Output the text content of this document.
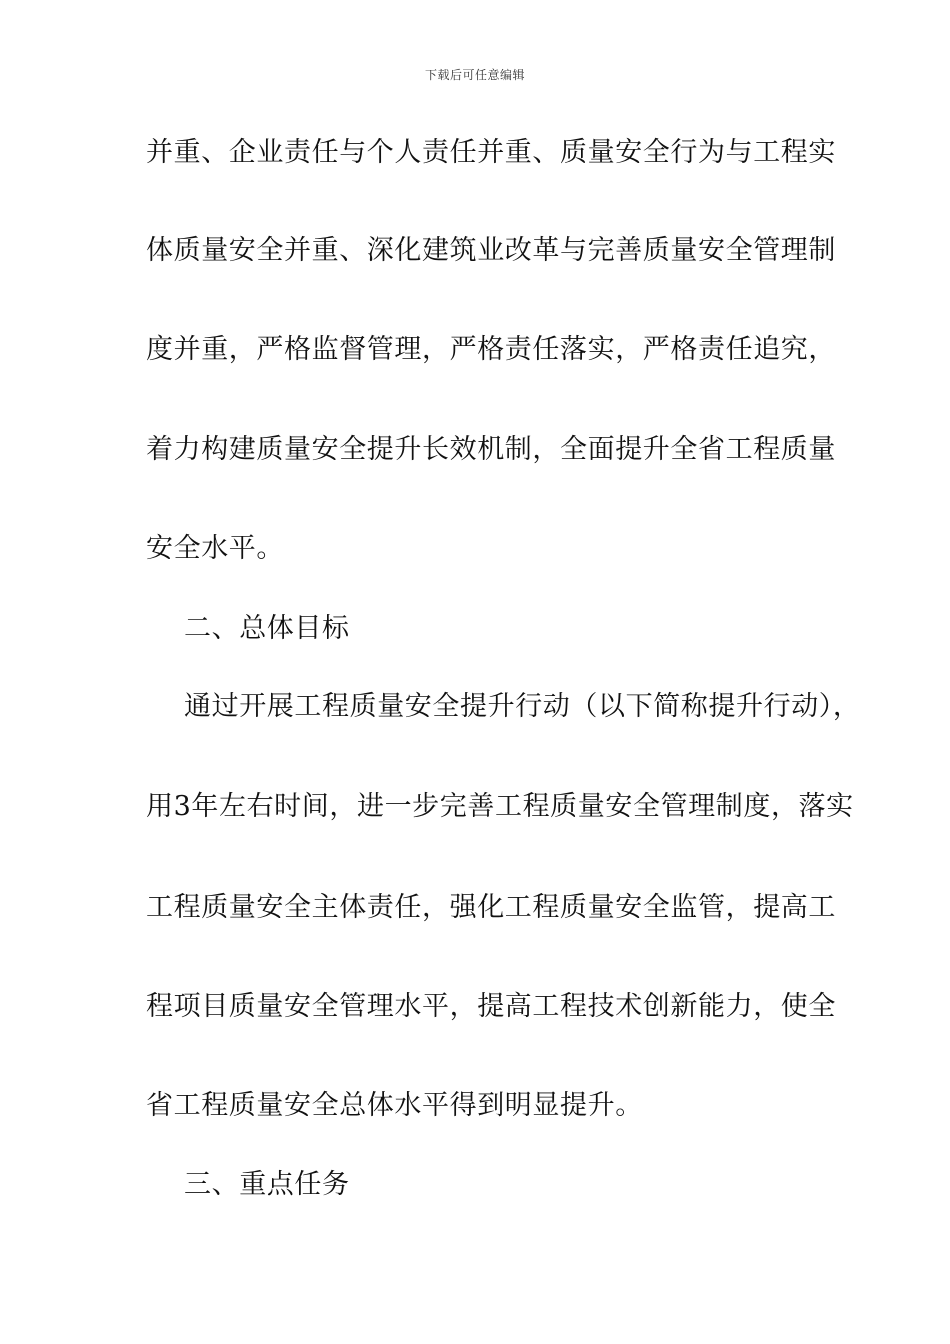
下载后可任意编辑
并重、企业责任与个人责任并重、质量安全行为与工程实
体质量安全并重、深化建筑业改革与完善质量安全管理制
度并重，严格监督管理，严格责任落实，严格责任追究，
着力构建质量安全提升长效机制，全面提升全省工程质量
安全水平。
二、总体目标
通过开展工程质量安全提升行动（以下简称提升行动），
用3年左右时间，进一步完善工程质量安全管理制度，落实
工程质量安全主体责任，强化工程质量安全监管，提高工
程项目质量安全管理水平，提高工程技术创新能力，使全
省工程质量安全总体水平得到明显提升。
三、重点任务
